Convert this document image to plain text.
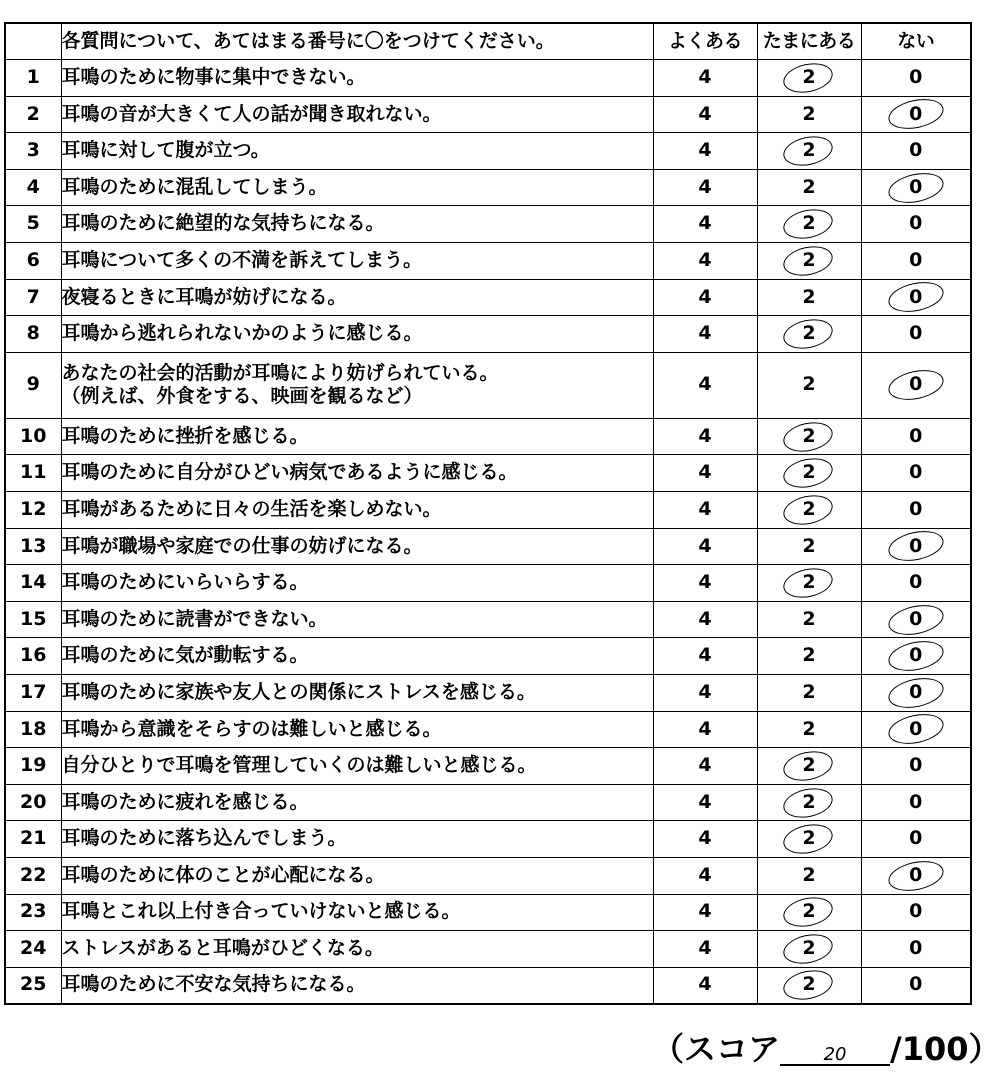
	各質問について、あてはまる番号に〇をつけてください。	よくある	たまにある	ない
1	耳鳴のために物事に集中できない。	4	2	0
2	耳鳴の音が大きくて人の話が聞き取れない。	4	2	0

3	耳鳴に対して腹が立つ。	4	2	0
4	耳鳴のために混乱してしまう。	4	2	0

5	耳鳴のために絶望的な気持ちになる。	4	2	0
6	耳鳴について多くの不満を訴えてしまう。	4	2	0
7	夜寝るときに耳鳴が妨げになる。	4	2	0

8	耳鳴から逃れられないかのように感じる。	4	2	0
9	あなたの社会的活動が耳鳴により妨げられている。
（例えば、外食をする、映画を観るなど）	4	2	0

10	耳鳴のために挫折を感じる。	4	2	0
11	耳鳴のために自分がひどい病気であるように感じる。	4	2	0
12	耳鳴があるために日々の生活を楽しめない。	4	2	0
13	耳鳴が職場や家庭での仕事の妨げになる。	4	2	0

14	耳鳴のためにいらいらする。	4	2	0
15	耳鳴のために読書ができない。	4	2	0

16	耳鳴のために気が動転する。	4	2	0

17	耳鳴のために家族や友人との関係にストレスを感じる。	4	2	0

18	耳鳴から意識をそらすのは難しいと感じる。	4	2	0

19	自分ひとりで耳鳴を管理していくのは難しいと感じる。	4	2	0
20	耳鳴のために疲れを感じる。	4	2	0
21	耳鳴のために落ち込んでしまう。	4	2	0
22	耳鳴のために体のことが心配になる。	4	2	0

23	耳鳴とこれ以上付き合っていけないと感じる。	4	2	0
24	ストレスがあると耳鳴がひどくなる。	4	2	0
25	耳鳴のために不安な気持ちになる。	4	2	0
（スコア 20 /100）
